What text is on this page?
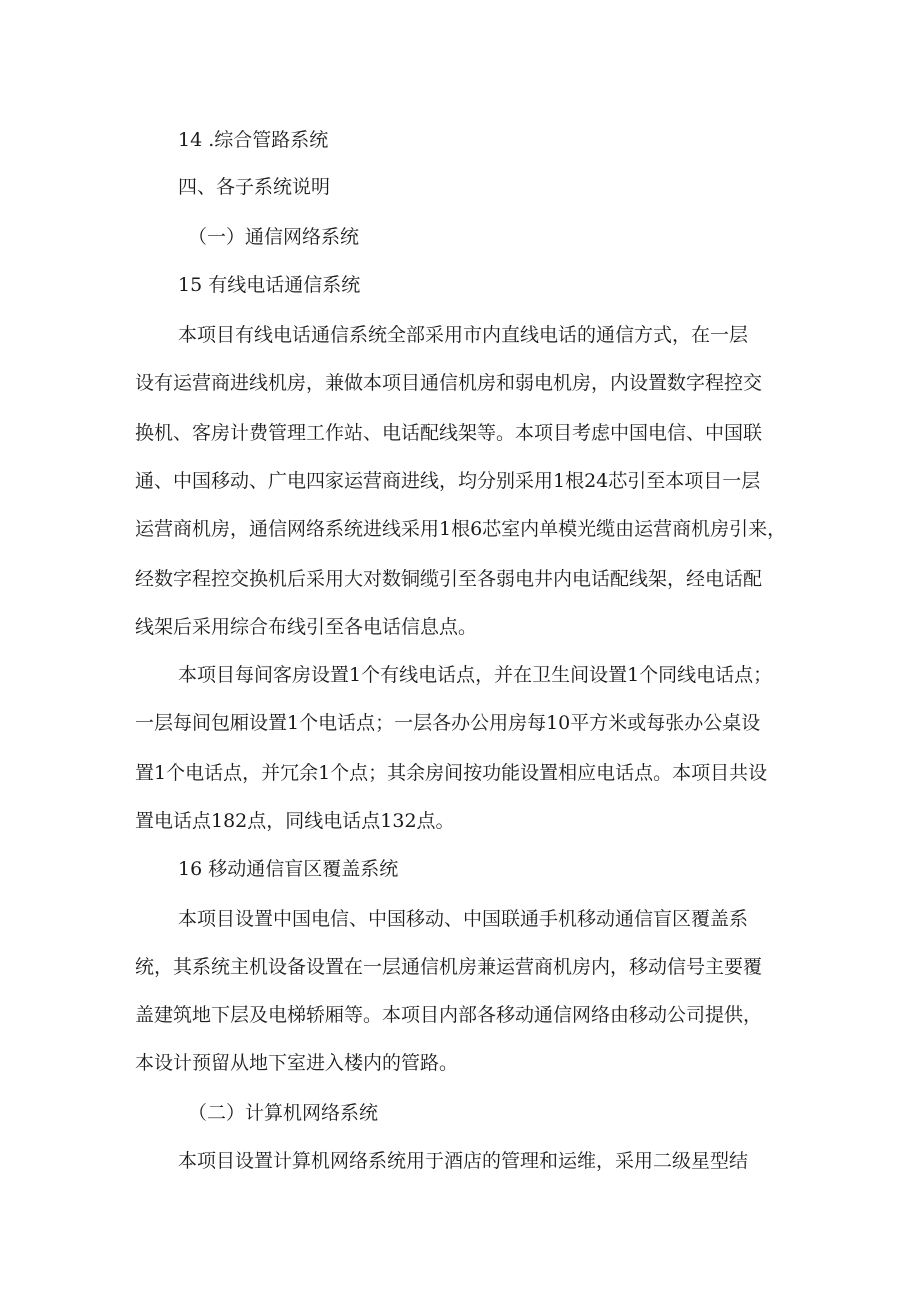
14 .综合管路系统
四、各子系统说明
（一）通信网络系统
15 有线电话通信系统
本项目有线电话通信系统全部采用市内直线电话的通信方式，在一层
设有运营商进线机房，兼做本项目通信机房和弱电机房，内设置数字程控交
换机、客房计费管理工作站、电话配线架等。本项目考虑中国电信、中国联
通、中国移动、广电四家运营商进线，均分别采用1根24芯引至本项目一层
运营商机房，通信网络系统进线采用1根6芯室内单模光缆由运营商机房引来，
经数字程控交换机后采用大对数铜缆引至各弱电井内电话配线架，经电话配
线架后采用综合布线引至各电话信息点。
本项目每间客房设置1个有线电话点，并在卫生间设置1个同线电话点；
一层每间包厢设置1个电话点；一层各办公用房每10平方米或每张办公桌设
置1个电话点，并冗余1个点；其余房间按功能设置相应电话点。本项目共设
置电话点182点，同线电话点132点。
16 移动通信盲区覆盖系统
本项目设置中国电信、中国移动、中国联通手机移动通信盲区覆盖系
统，其系统主机设备设置在一层通信机房兼运营商机房内，移动信号主要覆
盖建筑地下层及电梯轿厢等。本项目内部各移动通信网络由移动公司提供，
本设计预留从地下室进入楼内的管路。
（二）计算机网络系统
本项目设置计算机网络系统用于酒店的管理和运维，采用二级星型结
